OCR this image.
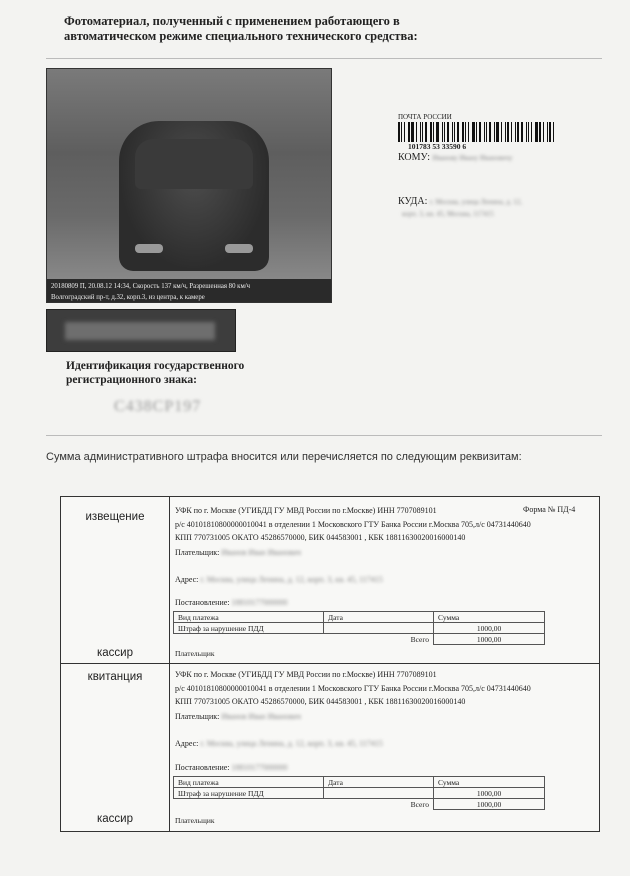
Фотоматериал, полученный с применением работающего в автоматическом режиме специального технического средства:
20180809 П, 20.08.12 14:34, Скорость 137 км/ч, Разрешенная 80 км/ч
Волгоградский пр-т, д.32, корп.3, из центра, к камере
Идентификация государственного регистрационного знака:
С438СР197
ПОЧТА РОССИИ
101783 53 33590 6
КОМУ: Иванову Ивану Ивановичу
КУДА: г. Москва, улица Ленина, д. 12,
корп. 3, кв. 45, Москва, 117415
Сумма административного штрафа вносится или перечисляется по следующим реквизитам:
Форма № ПД-4
извещение
кассир
УФК по г. Москве (УГИБДД ГУ МВД России по г.Москве) ИНН 7707089101
р/с 40101810800000010041 в отделении 1 Московского ГТУ Банка России г.Москва 705,л/с 04731440640
КПП 770731005 ОКАТО 45286570000, БИК 044583001 , КБК 18811630020016000140
Плательщик: Иванов Иван Иванович
Адрес: г. Москва, улица Ленина, д. 12, корп. 3, кв. 45, 117415
Постановление: 18810177000000
Вид платежа	Дата	Сумма
Штраф за нарушение ПДД		1000,00
	Всего	1000,00
Плательщик
квитанция
кассир
УФК по г. Москве (УГИБДД ГУ МВД России по г.Москве) ИНН 7707089101
р/с 40101810800000010041 в отделении 1 Московского ГТУ Банка России г.Москва 705,л/с 04731440640
КПП 770731005 ОКАТО 45286570000, БИК 044583001 , КБК 18811630020016000140
Плательщик: Иванов Иван Иванович
Адрес: г. Москва, улица Ленина, д. 12, корп. 3, кв. 45, 117415
Постановление: 18810177000000
Вид платежа	Дата	Сумма
Штраф за нарушение ПДД		1000,00
	Всего	1000,00
Плательщик
